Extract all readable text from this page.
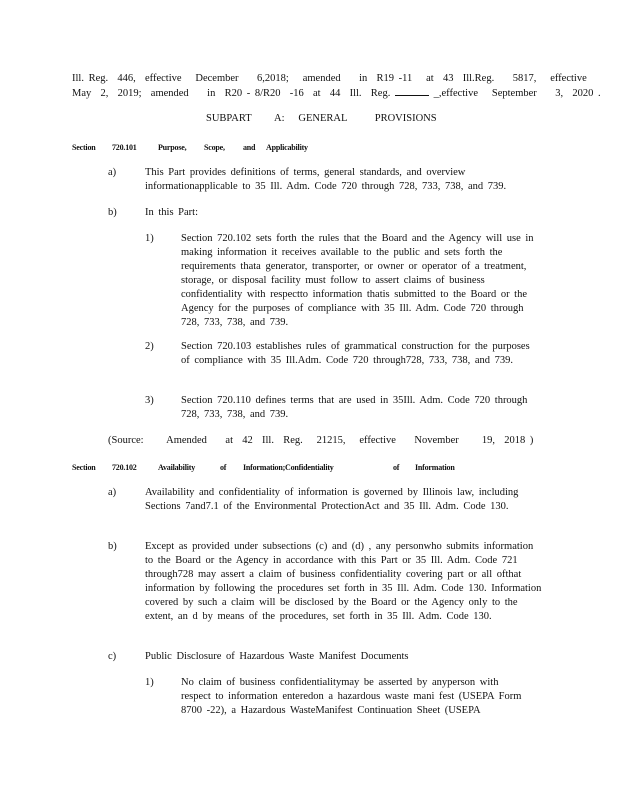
Ill. Reg.  446,  effective   December    6,2018;   amended    in  R19 -11   at  43  Ill.Reg.    5817,   effective
May  2,  2019;  amended    in  R20 - 8/R20  -16  at  44  Ill.  Reg.	_,effective   September    3,  2020 .
SUBPART     A:   GENERAL      PROVISIONS

Section

720.101

	Purpose,

Scope,

and

Applicability

a)	This Part provides definitions of terms, general standards, and overview informationapplicable to 35 Ill. Adm. Code 720 through 728, 733, 738, and 739.
b)	In this Part:
1)	Section 720.102 sets forth the rules that the Board and the Agency will use in making information it receives available to the public and sets forth the requirements thata generator, transporter, or owner or operator of a treatment, storage, or disposal facility must follow to assert claims of business confidentiality with respectto information thatis submitted to the Board or the Agency for the purposes of compliance with 35 Ill. Adm. Code 720 through 728, 733, 738, and 739.
2)	Section 720.103 establishes rules of grammatical construction for the purposes of compliance with 35 Ill.Adm. Code 720 through728, 733, 738, and 739.
3)	Section 720.110 defines terms that are used in 35Ill. Adm. Code 720 through 728, 733, 738, and 739.
(Source:     Amended    at  42  Ill.  Reg.   21215,   effective    November     19,  2018 )

Section

720.102

	Availability

	of

Information;Confidentiality

	of

Information

a)	Availability and confidentiality of information is governed by Illinois law, including Sections 7and7.1 of the Environmental ProtectionAct and 35 Ill. Adm. Code 130.
b)	Except as provided under subsections (c) and (d) , any personwho submits information to the Board or the Agency in accordance with this Part or 35 Ill. Adm. Code 721 through728 may assert a claim of business confidentiality covering part or all ofthat information by following the procedures set forth in 35 Ill. Adm. Code 130. Information covered by such a claim will be disclosed by the Board or the Agency only to the extent, an d by means of the procedures, set forth in 35 Ill. Adm. Code 130.
c)	Public Disclosure of Hazardous Waste Manifest Documents
1)	No claim of business confidentialitymay be asserted by anyperson with respect to information enteredon a hazardous waste mani fest (USEPA Form 8700 -22), a Hazardous WasteManifest Continuation Sheet (USEPA
